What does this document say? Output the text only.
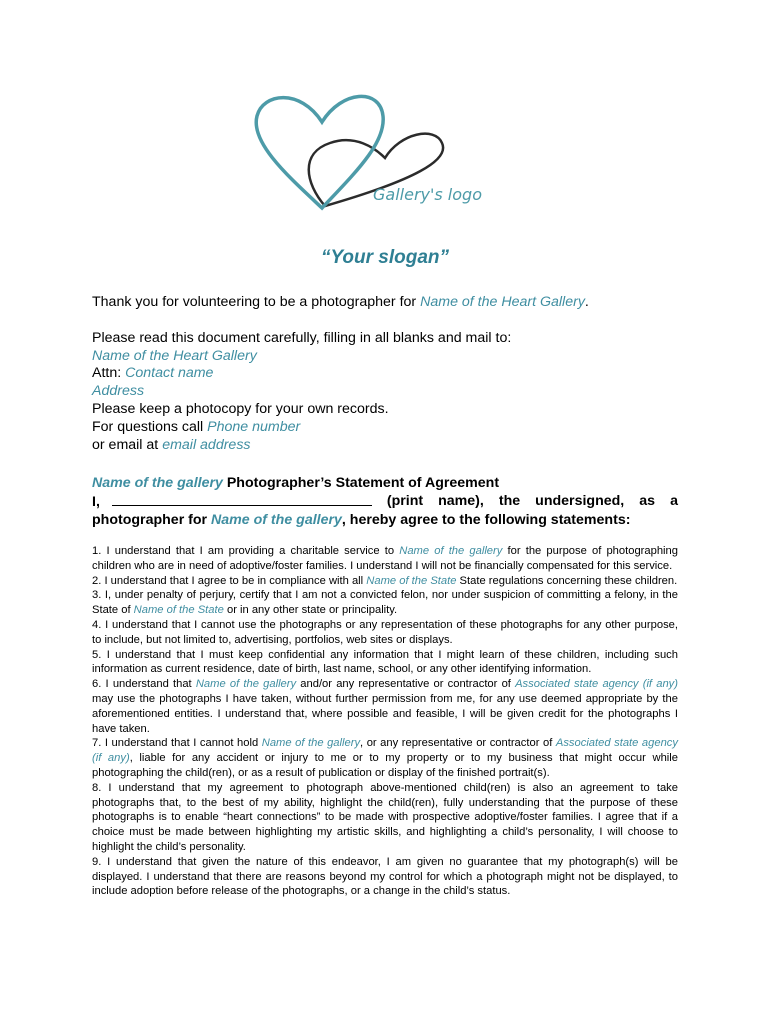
Gallery's logo
“Your slogan”
Thank you for volunteering to be a photographer for Name of the Heart Gallery.
Please read this document carefully, filling in all blanks and mail to:
Name of the Heart Gallery
Attn: Contact name
Address
Please keep a photocopy for your own records.
For questions call Phone number
or email at email address
Name of the gallery Photographer’s Statement of Agreement
I,	(print name), the undersigned, as a
photographer for Name of the gallery, hereby agree to the following statements:

1. I understand that I am providing a charitable service to Name of the gallery for the purpose of photographing children who are in need of adoptive/foster families. I understand I will not be financially compensated for this service.

2. I understand that I agree to be in compliance with all Name of the State State regulations concerning these children.

3. I, under penalty of perjury, certify that I am not a convicted felon, nor under suspicion of committing a felony, in the State of Name of the State or in any other state or principality.

4. I understand that I cannot use the photographs or any representation of these photographs for any other purpose, to include, but not limited to, advertising, portfolios, web sites or displays.

5. I understand that I must keep confidential any information that I might learn of these children, including such information as current residence, date of birth, last name, school, or any other identifying information.

6. I understand that Name of the gallery and/or any representative or contractor of Associated state agency (if any) may use the photographs I have taken, without further permission from me, for any use deemed appropriate by the aforementioned entities. I understand that, where possible and feasible, I will be given credit for the photographs I have taken.

7. I understand that I cannot hold Name of the gallery, or any representative or contractor of Associated state agency (if any), liable for any accident or injury to me or to my property or to my business that might occur while photographing the child(ren), or as a result of publication or display of the finished portrait(s).

8. I understand that my agreement to photograph above-mentioned child(ren) is also an agreement to take photographs that, to the best of my ability, highlight the child(ren), fully understanding that the purpose of these photographs is to enable “heart connections” to be made with prospective adoptive/foster families. I agree that if a choice must be made between highlighting my artistic skills, and highlighting a child’s personality, I will choose to highlight the child’s personality.

9. I understand that given the nature of this endeavor, I am given no guarantee that my photograph(s) will be displayed. I understand that there are reasons beyond my control for which a photograph might not be displayed, to include adoption before release of the photographs, or a change in the child’s status.
